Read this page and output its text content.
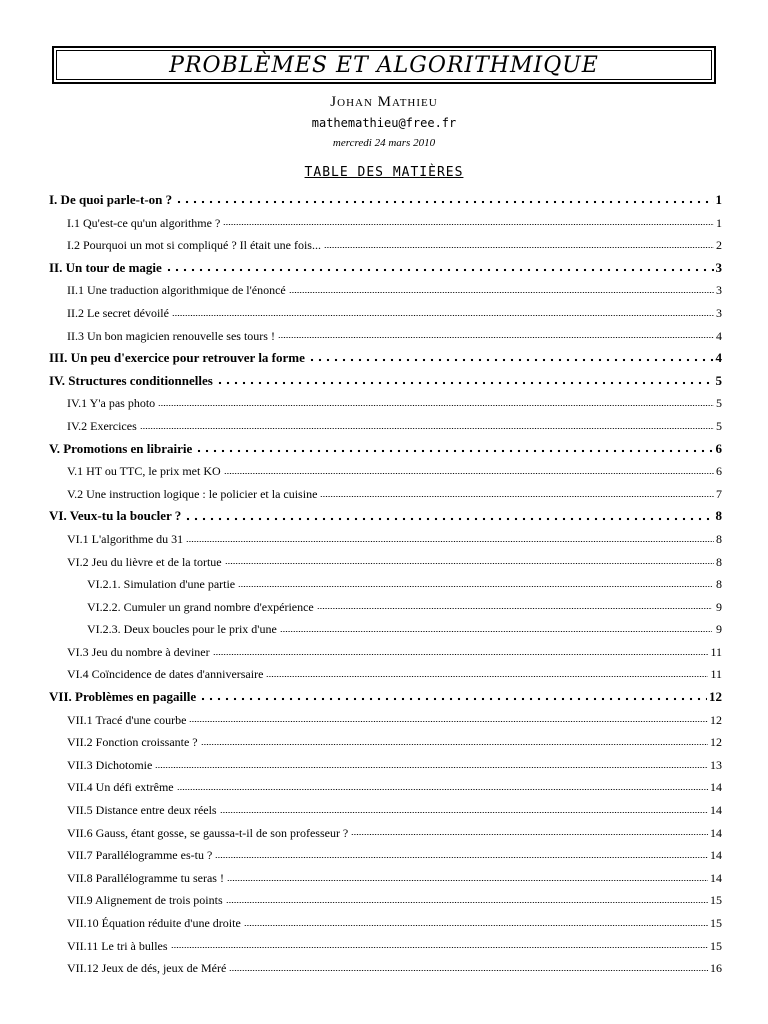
PROBLÈMES ET ALGORITHMIQUE
Johan Mathieu
mathemathieu@free.fr
mercredi 24 mars 2010
TABLE DES MATIÈRES
I. De quoi parle-t-on ?	1
I.1 Qu'est-ce qu'un algorithme ?	1
I.2 Pourquoi un mot si compliqué ? Il était une fois...	2
II. Un tour de magie	3
II.1 Une traduction algorithmique de l'énoncé	3
II.2 Le secret dévoilé	3
II.3 Un bon magicien renouvelle ses tours !	4
III. Un peu d'exercice pour retrouver la forme	4
IV. Structures conditionnelles	5
IV.1 Y'a pas photo	5
IV.2 Exercices	5
V. Promotions en librairie	6
V.1 HT ou TTC, le prix met KO	6
V.2 Une instruction logique : le policier et la cuisine	7
VI. Veux-tu la boucler ?	8
VI.1 L'algorithme du 31	8
VI.2 Jeu du lièvre et de la tortue	8
VI.2.1. Simulation d'une partie	8
VI.2.2. Cumuler un grand nombre d'expérience	9
VI.2.3. Deux boucles pour le prix d'une	9
VI.3 Jeu du nombre à deviner	11
VI.4 Coïncidence de dates d'anniversaire	11
VII. Problèmes en pagaille	12
VII.1 Tracé d'une courbe	12
VII.2 Fonction croissante ?	12
VII.3 Dichotomie	13
VII.4 Un défi extrême	14
VII.5 Distance entre deux réels	14
VII.6 Gauss, étant gosse, se gaussa-t-il de son professeur ?	14
VII.7 Parallélogramme es-tu ?	14
VII.8 Parallélogramme tu seras !	14
VII.9 Alignement de trois points	15
VII.10 Équation réduite d'une droite	15
VII.11 Le tri à bulles	15
VII.12 Jeux de dés, jeux de Méré	16
